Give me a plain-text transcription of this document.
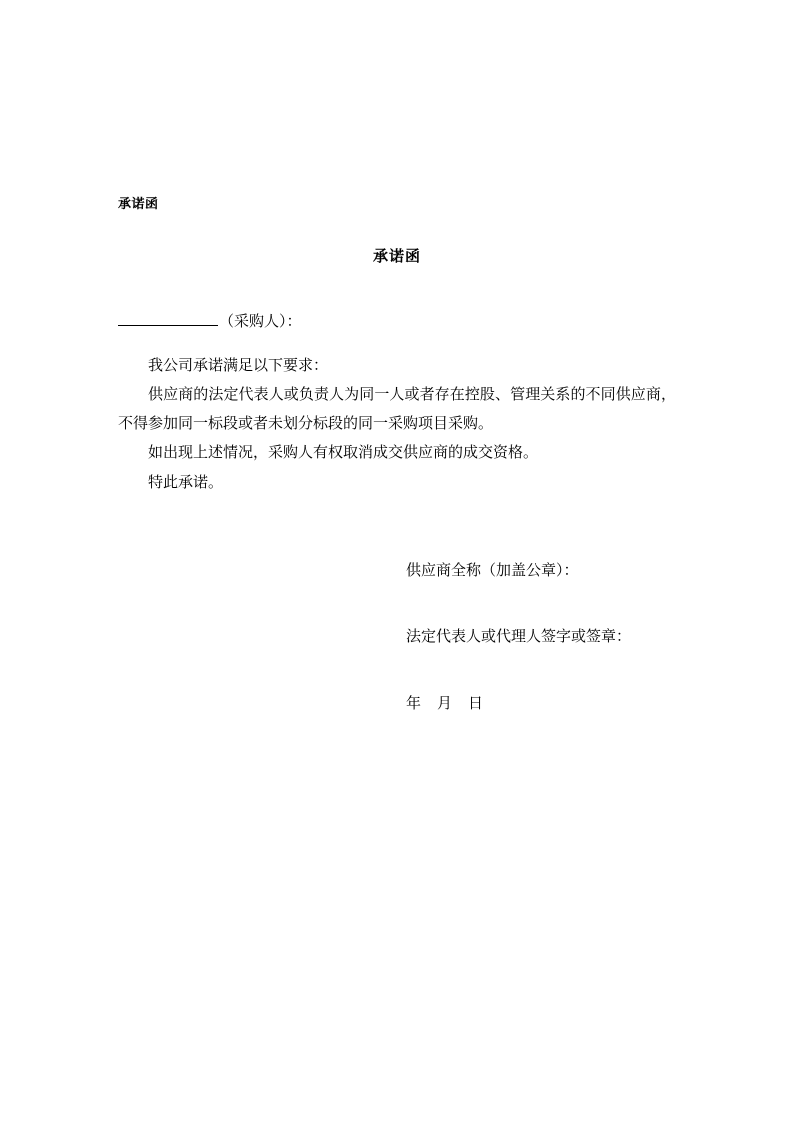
承诺函
承诺函
（采购人）：

我公司承诺满足以下要求：

供应商的法定代表人或负责人为同一人或者存在控股、管理关系的不同供应商，不得参加同一标段或者未划分标段的同一采购项目采购。

如出现上述情况，采购人有权取消成交供应商的成交资格。

特此承诺。

供应商全称（加盖公章）：
法定代表人或代理人签字或签章：
年 月 日
